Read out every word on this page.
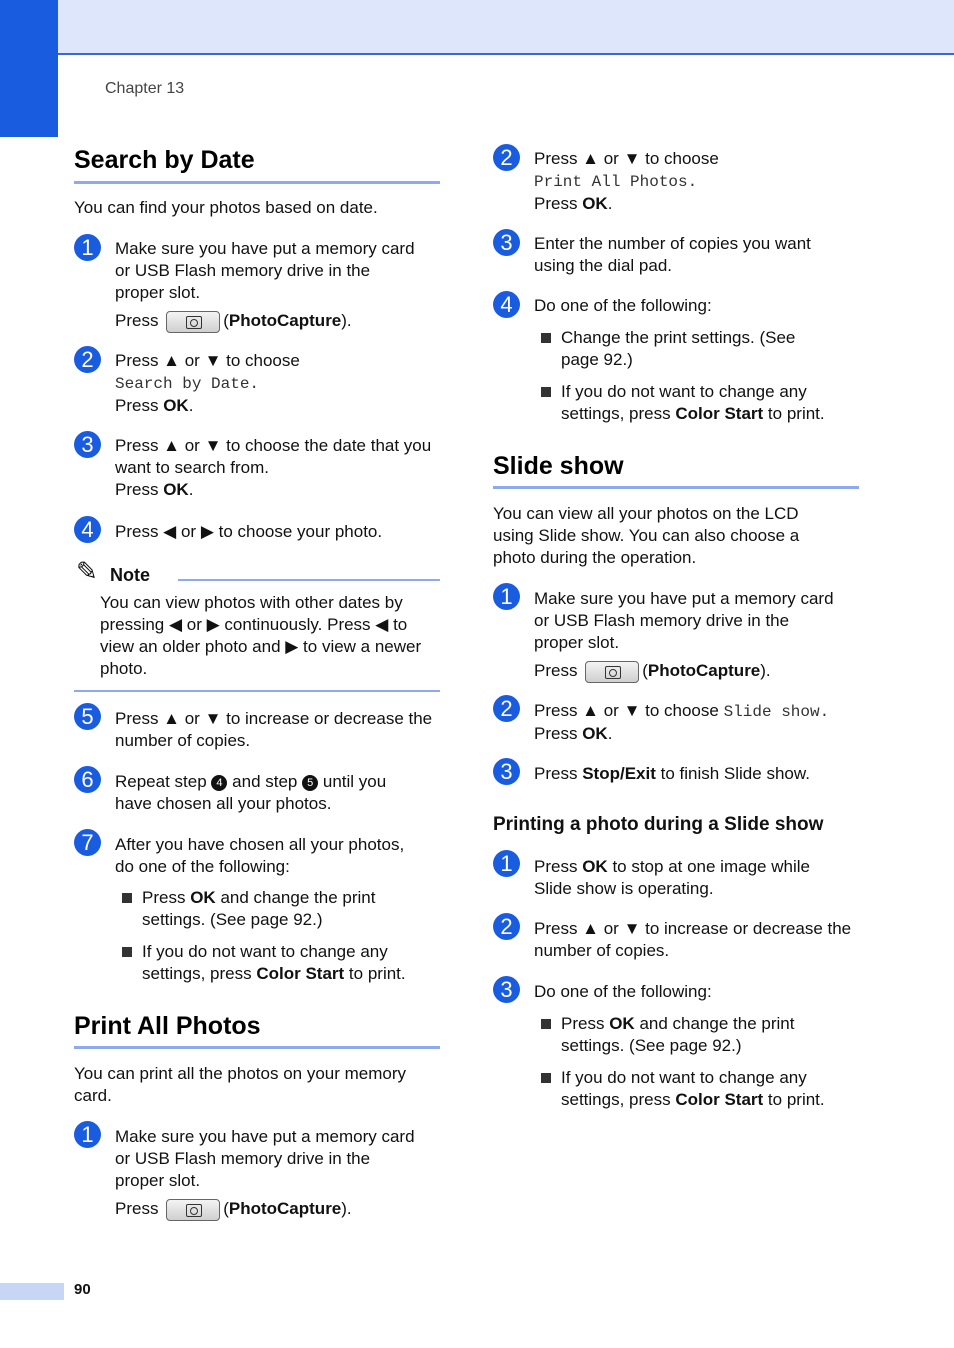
Chapter 13
Search by Date
You can find your photos based on date.
1	Make sure you have put a memory card
or USB Flash memory drive in the
proper slot.
Press	(PhotoCapture).
2	Press ▲ or ▼ to choose
Search by Date.
Press OK.
3	Press ▲ or ▼ to choose the date that you
want to search from.
Press OK.
4	Press ◀ or ▶ to choose your photo.
✎ Note
You can view photos with other dates by
pressing ◀ or ▶ continuously. Press ◀ to
view an older photo and ▶ to view a newer
photo.
5	Press ▲ or ▼ to increase or decrease the
number of copies.
6	Repeat step 4 and step 5 until you
have chosen all your photos.
7	After you have chosen all your photos,
do one of the following:
Press OK and change the print
settings. (See page 92.)
If you do not want to change any
settings, press Color Start to print.
Print All Photos
You can print all the photos on your memory
card.
1	Make sure you have put a memory card
or USB Flash memory drive in the
proper slot.
Press	(PhotoCapture).
2	Press ▲ or ▼ to choose
Print All Photos.
Press OK.
3	Enter the number of copies you want
using the dial pad.
4	Do one of the following:
Change the print settings. (See
page 92.)
If you do not want to change any
settings, press Color Start to print.
Slide show
You can view all your photos on the LCD
using Slide show. You can also choose a
photo during the operation.
1	Make sure you have put a memory card
or USB Flash memory drive in the
proper slot.
Press	(PhotoCapture).
2	Press ▲ or ▼ to choose Slide show.
Press OK.
3	Press Stop/Exit to finish Slide show.
Printing a photo during a Slide show
1	Press OK to stop at one image while
Slide show is operating.
2	Press ▲ or ▼ to increase or decrease the
number of copies.
3	Do one of the following:
Press OK and change the print
settings. (See page 92.)
If you do not want to change any
settings, press Color Start to print.
90
